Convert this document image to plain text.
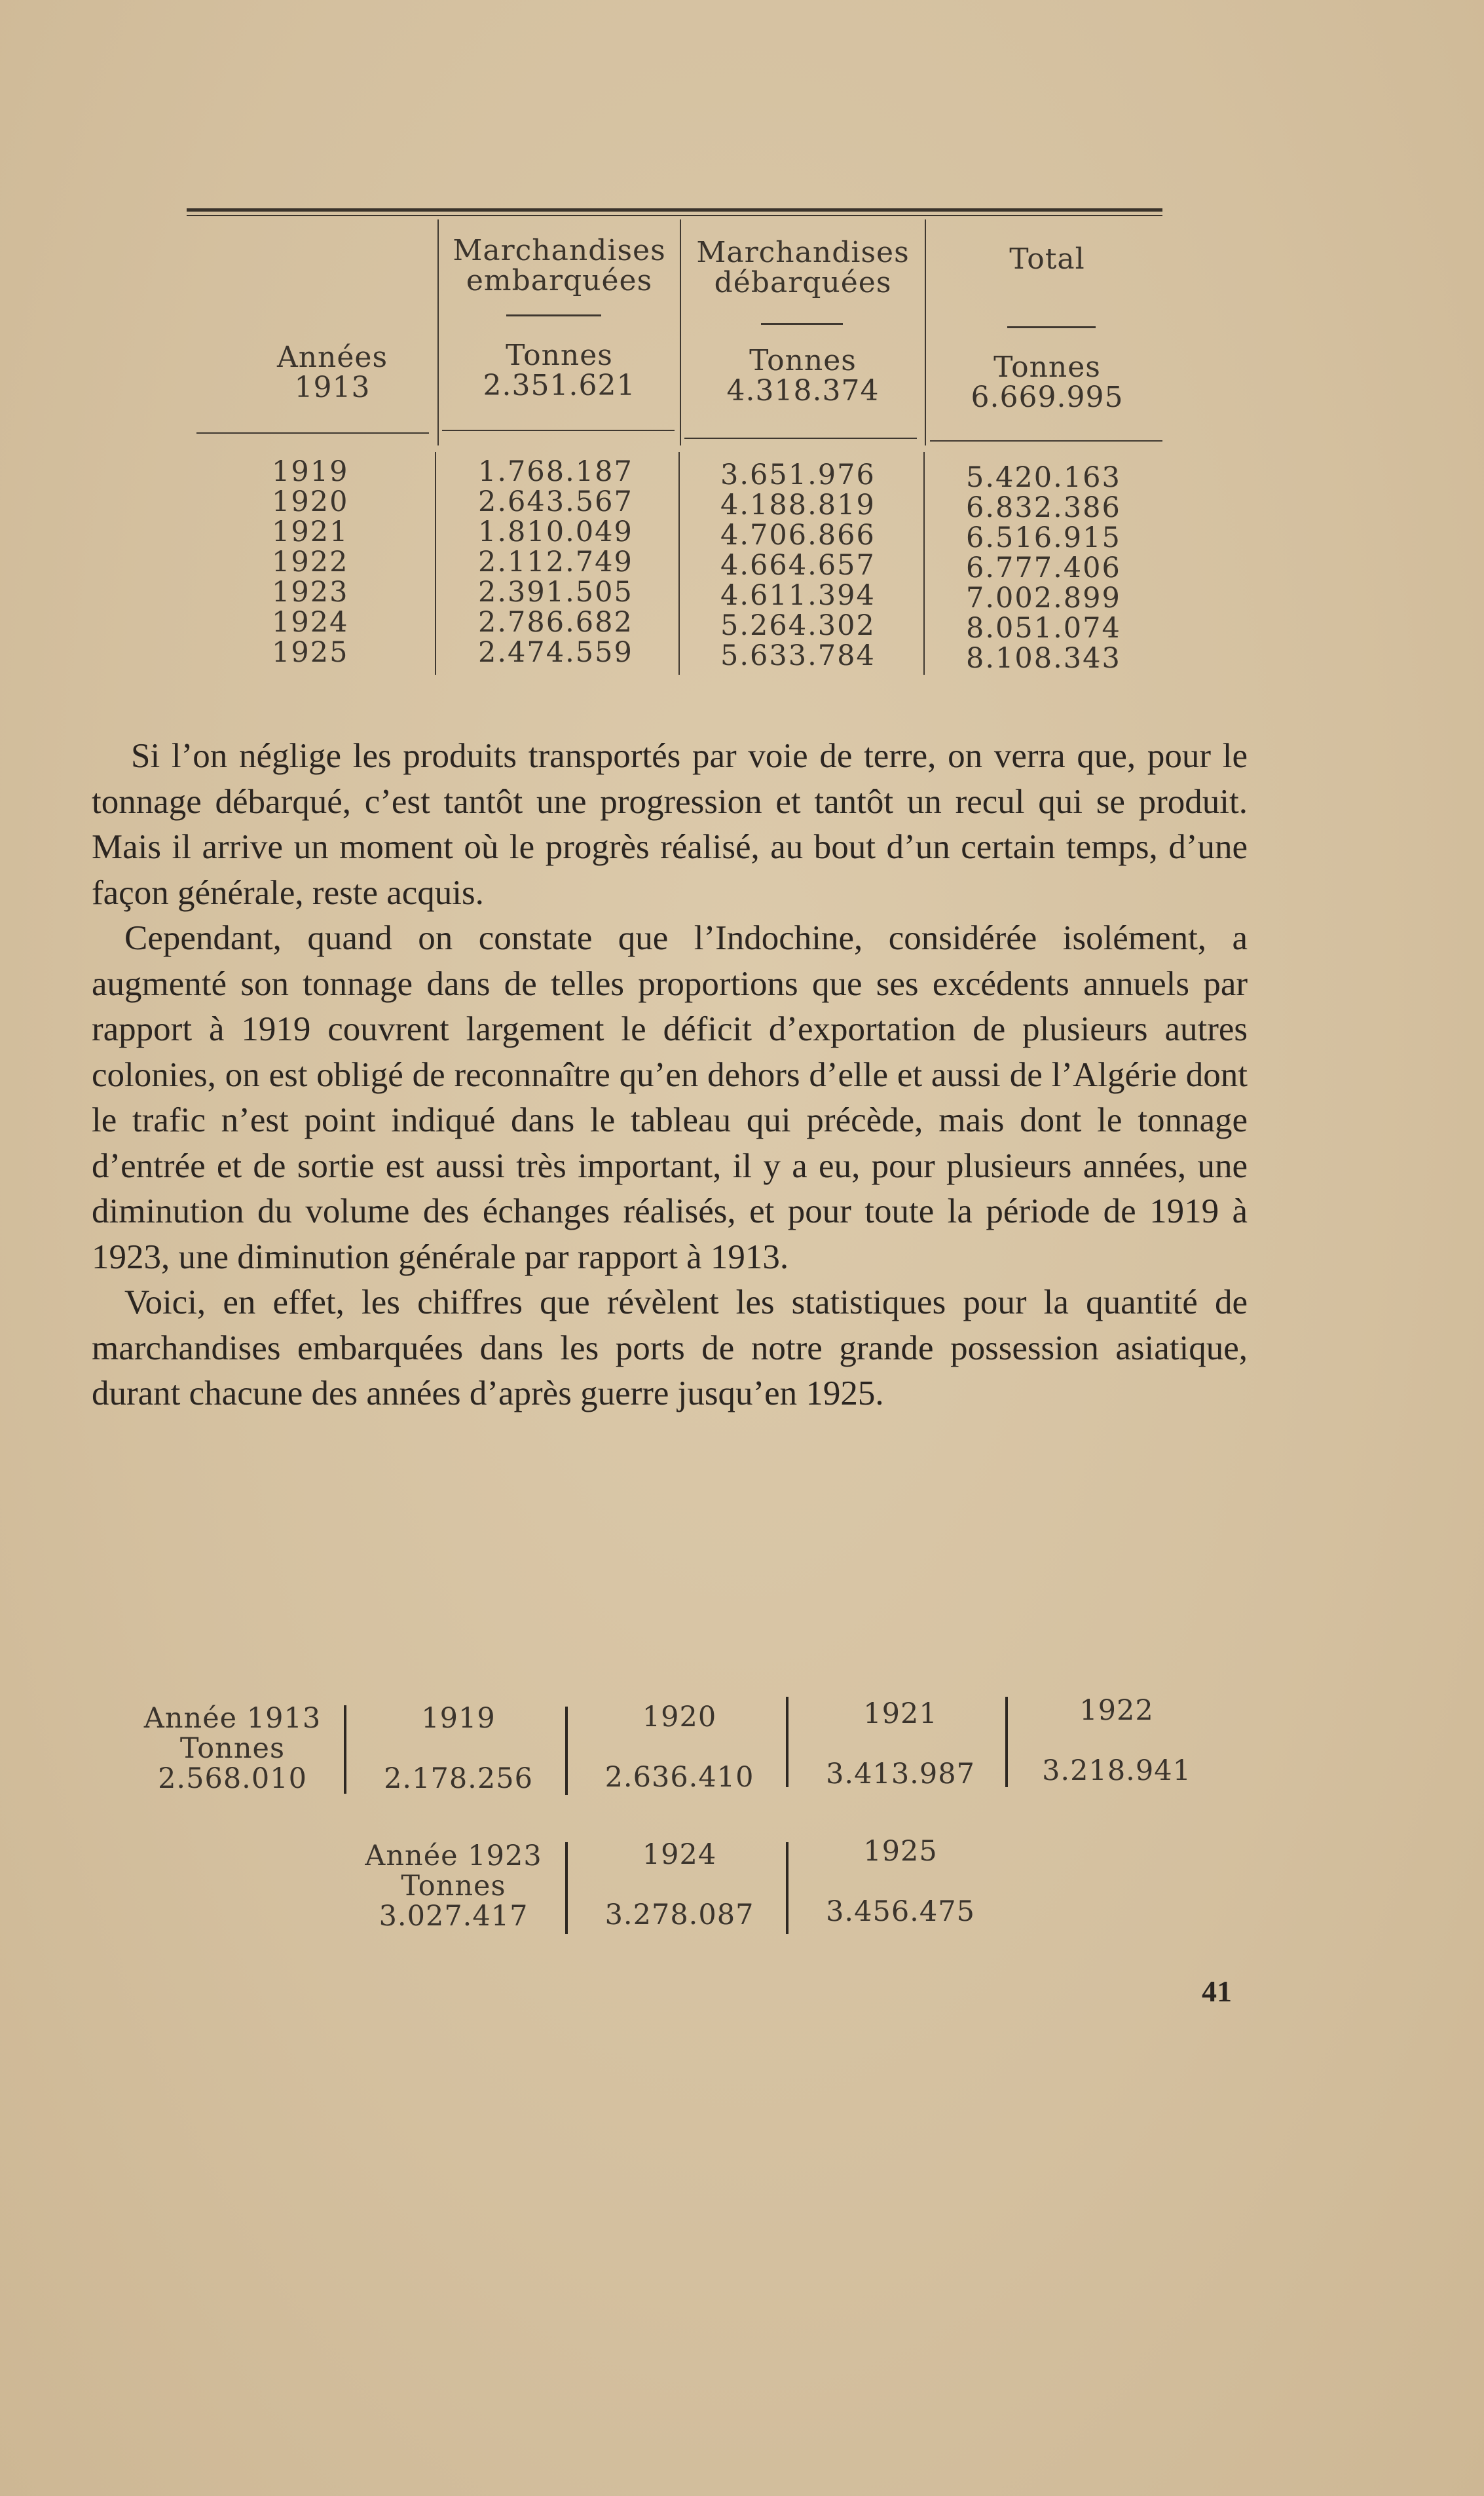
Marchandises
embarquées
Marchandises
débarquées
Total
Années
1913
Tonnes
2.351.621
Tonnes
4.318.374
Tonnes
6.669.995
1919
1920
1921
1922
1923
1924
1925
1.768.187
2.643.567
1.810.049
2.112.749
2.391.505
2.786.682
2.474.559
3.651.976
4.188.819
4.706.866
4.664.657
4.611.394
5.264.302
5.633.784
5.420.163
6.832.386
6.516.915
6.777.406
7.002.899
8.051.074
8.108.343

Si l’on néglige les produits transportés par voie de terre, on verra que, pour le tonnage débarqué, c’est tantôt une progression et tantôt un recul qui se produit. Mais il arrive un moment où le progrès réalisé, au bout d’un certain temps, d’une façon générale, reste acquis.

Cependant, quand on constate que l’Indochine, considérée isolément, a augmenté son tonnage dans de telles proportions que ses excédents annuels par rapport à 1919 couvrent largement le déficit d’exportation de plusieurs autres colonies, on est obligé de reconnaître qu’en dehors d’elle et aussi de l’Algérie dont le trafic n’est point indiqué dans le tableau qui précède, mais dont le tonnage d’entrée et de sortie est aussi très important, il y a eu, pour plusieurs années, une diminution du volume des échanges réalisés, et pour toute la période de 1919 à 1923, une diminution générale par rapport à 1913.

Voici, en effet, les chiffres que révèlent les statistiques pour la quantité de marchandises embarquées dans les ports de notre grande possession asiatique, durant chacune des années d’après guerre jusqu’en 1925.

Année 1913
Tonnes
2.568.010
1919

2.178.256
1920

2.636.410
1921

3.413.987
1922

3.218.941
Année 1923
Tonnes
3.027.417
1924

3.278.087
1925

3.456.475
41
